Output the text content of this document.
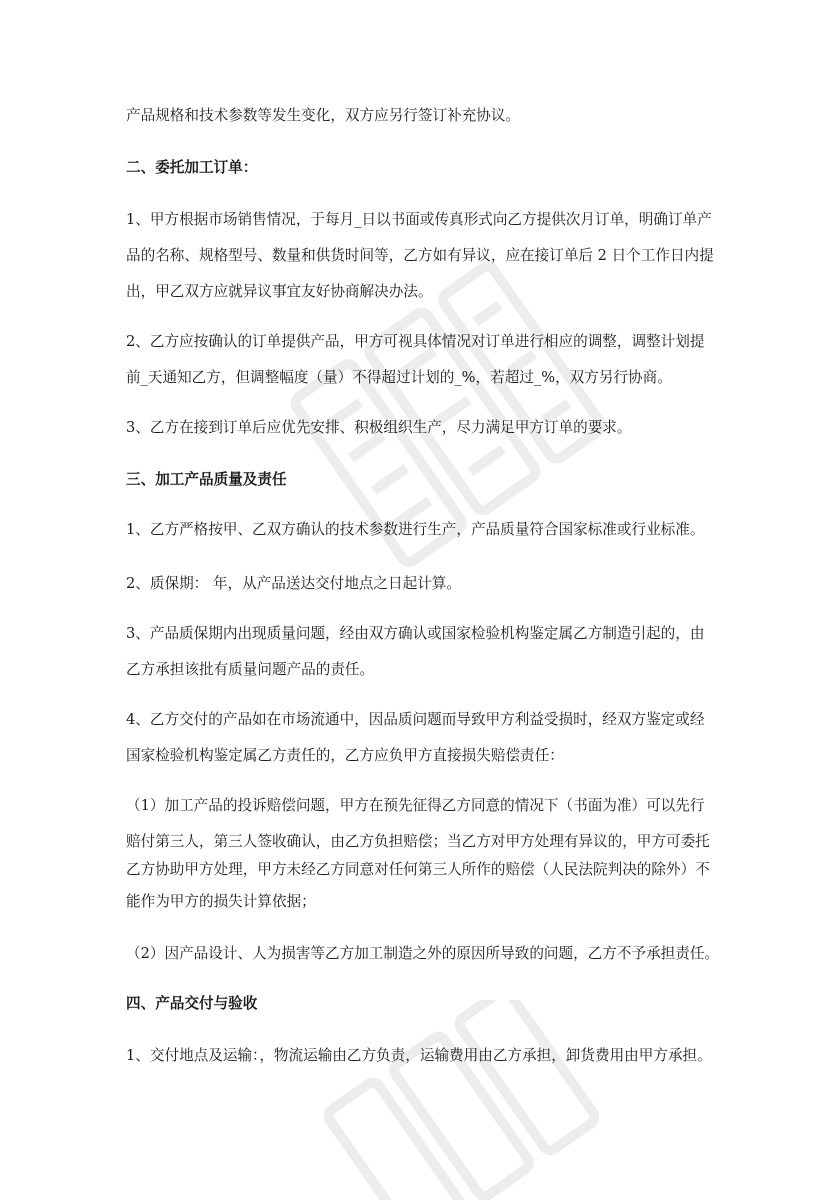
产品规格和技术参数等发生变化，双方应另行签订补充协议。
二、委托加工订单：
1、甲方根据市场销售情况，于每月_日以书面或传真形式向乙方提供次月订单，明确订单产
品的名称、规格型号、数量和供货时间等，乙方如有异议，应在接订单后 2 日个工作日内提
出，甲乙双方应就异议事宜友好协商解决办法。
2、乙方应按确认的订单提供产品，甲方可视具体情况对订单进行相应的调整，调整计划提
前_天通知乙方，但调整幅度（量）不得超过计划的_%，若超过_%，双方另行协商。
3、乙方在接到订单后应优先安排、积极组织生产，尽力满足甲方订单的要求。
三、加工产品质量及责任
1、乙方严格按甲、乙双方确认的技术参数进行生产，产品质量符合国家标准或行业标准。
2、质保期： 年，从产品送达交付地点之日起计算。
3、产品质保期内出现质量问题，经由双方确认或国家检验机构鉴定属乙方制造引起的，由
乙方承担该批有质量问题产品的责任。
4、乙方交付的产品如在市场流通中，因品质问题而导致甲方利益受损时，经双方鉴定或经
国家检验机构鉴定属乙方责任的，乙方应负甲方直接损失赔偿责任：
（1）加工产品的投诉赔偿问题，甲方在预先征得乙方同意的情况下（书面为准）可以先行
赔付第三人，第三人签收确认，由乙方负担赔偿；当乙方对甲方处理有异议的，甲方可委托
乙方协助甲方处理，甲方未经乙方同意对任何第三人所作的赔偿（人民法院判决的除外）不
能作为甲方的损失计算依据；
（2）因产品设计、人为损害等乙方加工制造之外的原因所导致的问题，乙方不予承担责任。
四、产品交付与验收
1、交付地点及运输：，物流运输由乙方负责，运输费用由乙方承担，卸货费用由甲方承担。
